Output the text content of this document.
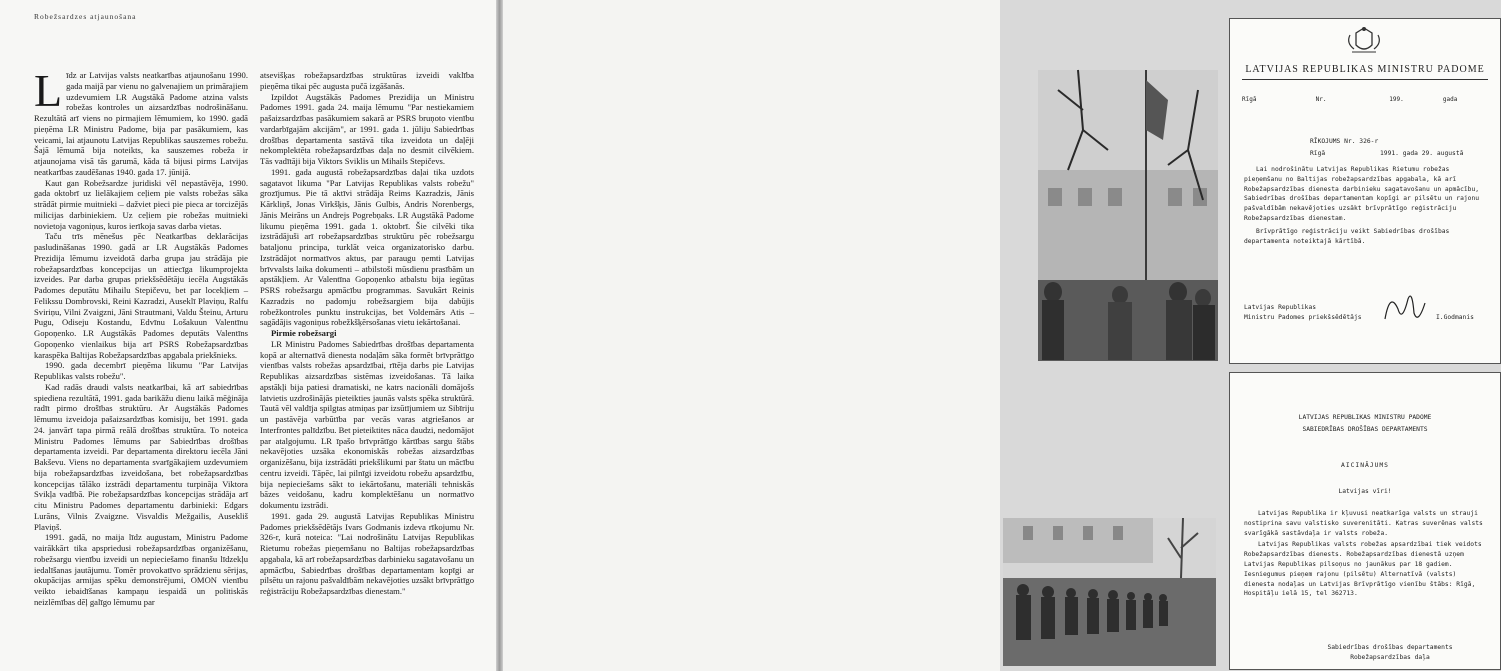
Robežsardzes atjaunošana
L īdz ar Latvijas valsts neatkarības atjaunošanu 1990. gada maijā par vienu no galvenajiem un primārajiem uzdevumiem LR Augstākā Padome atzina valsts robežas kontroles un aizsardzības nodrošināšanu. Rezultātā arī viens no pirmajiem lēmumiem, ko 1990. gadā pieņēma LR Ministru Padome, bija par pasākumiem, kas veicami, lai atjaunotu Latvijas Republikas sauszemes robežu. Šajā lēmumā bija noteikts, ka sauszemes robeža ir atjaunojama visā tās garumā, kāda tā bijusi pirms Latvijas neatkarības zaudēšanas 1940. gada 17. jūnijā.

Kaut gan Robežsardze juridiski vēl nepastāvēja, 1990. gada oktobrī uz lielākajiem ceļiem pie valsts robežas sāka strādāt pirmie muitnieki – dažviet pieci pie pieca ar torcizējās milicijas darbiniekiem. Uz ceļiem pie robežas muitnieki novietoja vagoniņus, kuros ierīkoja savas darba vietas.

Taču trīs mēnešus pēc Neatkarības deklarācijas pasludināšanas 1990. gadā ar LR Augstākās Padomes Prezidija lēmumu izveidotā darba grupa jau strādāja pie robežapsardzības koncepcijas un attiecīga likumprojekta izveides. Par darba grupas priekšsēdētāju iecēla Augstākās Padomes deputātu Mihailu Stepičevu, bet par locekļiem – Felikssu Dombrovski, Reini Kazradzi, Auseklī Plaviņu, Ralfu Sviriņu, Vilni Zvaigzni, Jāni Strautmani, Valdu Šteinu, Arturu Pugu, Odiseju Kostandu, Edvīnu Lošakuun Valentīnu Gopoņenko. LR Augstākās Padomes deputāts Valentīns Gopoņenko vienlaikus bija arī PSRS Robežapsardzības karaspēka Baltijas Robežapsardzības apgabala priekšnieks.

1990. gada decembrī pieņēma likumu "Par Latvijas Republikas valsts robežu".

Kad radās draudi valsts neatkarībai, kā arī sabiedrības spiediena rezultātā, 1991. gada barikāžu dienu laikā mēģināja radīt pirmo drošības struktūru. Ar Augstākās Padomes lēmumu izveidoja pašaizsardzības komisiju, bet 1991. gada 24. janvārī tapa pirmā reālā drošības struktūra. To noteica Ministru Padomes lēmums par Sabiedrības drošības departamenta izveidi. Par departamenta direktoru iecēla Jāni Bakševu. Viens no departamenta svarīgākajiem uzdevumiem bija robežapsardzības izveidošana, bet robežapsardzības koncepcijas tālāko izstrādi departamentu turpināja Viktora Svikļa vadībā. Pie robežapsardzības koncepcijas strādāja arī citu Ministru Padomes departamentu darbinieki: Edgars Lurāns, Vilnis Zvaigzne. Visvaldis Mežgailis, Ausekliš Plaviņš.

1991. gadā, no maija līdz augustam, Ministru Padome vairākkārt tika apspriedusi robežapsardzības organizēšanu, robežsargu vienību izveidi un nepieciešamo finanšu līdzekļu iedalīšanas jautājumu. Tomēr provokatīvo sprādzienu sērijas, okupācijas armijas spēku demonstrējumi, OMON vienību veikto iebaidīšanas kampaņu iespaidā un politiskās neizlēmības dēļ galīgo lēmumu par

atsevišķas robežapsardzības struktūras izveidi vaklība pieņēma tikai pēc augusta pučā izgāšanās.

Izpildot Augstākās Padomes Prezidija un Ministru Padomes 1991. gada 24. maija lēmumu "Par nestiekamiem pašaizsardzības pasākumiem sakarā ar PSRS bruņoto vienību vardarbīgajām akcijām", ar 1991. gada 1. jūliju Sabiedrības drošības departamenta sastāvā tika izveidota un daļēji nekomplektēta robežapsardzības daļa no desmit cilvēkiem. Tās vadītāji bija Viktors Sviklis un Mihails Stepičevs.

1991. gada augustā robežapsardzības daļai tika uzdots sagatavot likuma "Par Latvijas Republikas valsts robežu" grozījumus. Pie tā aktīvi strādāja Reims Kazradzis, Jānis Kārkliņš, Jonas Virkšķis, Jānis Gulbis, Andris Norenbergs, Jānis Meirāns un Andrejs Pogrebņaks. LR Augstākā Padome likumu pieņēma 1991. gada 1. oktobrī. Šie cilvēki tika izstrādājuši arī robežapsardzības struktūru pēc robežsargu bataljonu principa, turklāt veica organizatorisko darbu. Izstrādājot normatīvos aktus, par paraugu ņemti Latvijas brīvvalsts laika dokumenti – atbilstoši mūsdienu prasībām un apstākļiem. Ar Valentīna Gopoņenko atbalstu bija iegūtas PSRS robežsargu apmācību programmas. Savukārt Reinis Kazradzis no padomju robežsargiem bija dabūjis robežkontroles punktu instrukcijas, bet Voldemārs Atis – sagādājis vagoniņus robežkšķērsošanas vietu iekārtošanai.

Pirmie robežsargi

LR Ministru Padomes Sabiedrības drošības departamenta kopā ar alternatīvā dienesta nodaļām sāka formēt brīvprātīgo vienības valsts robežas apsardzībai, rītēja darbs pie Latvijas Republikas aizsardzības sistēmas izveidošanas. Tā laika apstākļi bija patiesi dramatiski, ne katrs nacionāli domājošs latvietis uzdrošinājās pieteikties jaunās valsts spēka struktūrā. Tautā vēl valdīja spilgtas atmiņas par izsūtījumiem uz Sibīriju un pastāvēja varbūtība par vecās varas atgriešanos ar Interfrontes palīdzību. Bet pieteiktites nāca daudzi, nedomājot par atalgojumu. LR īpašo brīvprātīgo kārtības sargu štābs nekavējoties uzsāka ekonomiskās robežas aizsardzības organizēšanu, bija izstrādāti priekšlikumi par štatu un mācību centru izveidi. Tāpēc, lai pilnīgi izveidotu robežu apsardzību, bija nepieciešams sākt to iekārtošanu, materiāli tehniskās bāzes veidošanu, kadru komplektēšanu un normatīvo dokumentu izstrādi.

1991. gada 29. augustā Latvijas Republikas Ministru Padomes priekšsēdētājs Ivars Godmanis izdeva rīkojumu Nr. 326-r, kurā noteica: "Lai nodrošinātu Latvijas Republikas Rietumu robežas pieņemšanu no Baltijas robežapsardzības apgabala, kā arī robežapsardzības darbinieku sagatavošanu un apmācību, Sabiedrības drošības departamentam kopīgi ar pilsētu un rajonu pašvaldībām nekavējoties uzsākt brīvprātīgo reģistrāciju Robežapsardzības dienestam."

LATVIJAS REPUBLIKAS MINISTRU PADOME
Rīgā	Nr.	199.	gada
RĪKOJUMS Nr. 326-r
Rīgā	1991. gada 29. augustā

Lai nodrošinātu Latvijas Republikas Rietumu robežas pieņemšanu no Baltijas robežapsardzības apgabala, kā arī Robežapsardzības dienesta darbinieku sagatavošanu un apmācību, Sabiedrības drošības departamentam kopīgi ar pilsētu un rajonu pašvaldībām nekavējoties uzsākt brīvprātīgo reģistrāciju Robežapsardzības dienestam.

Brīvprātīgo reģistrāciju veikt Sabiedrības drošības departamenta noteiktajā kārtībā.

Latvijas Republikas

Ministru Padomes priekšsēdētājs	I.Godmanis
LATVIJAS REPUBLIKAS MINISTRU PADOME
SABIEDRĪBAS DROŠĪBAS DEPARTAMENTS
AICINĀJUMS
Latvijas vīri!

Latvijas Republika ir kļuvusi neatkarīga valsts un strauji nostiprina savu valstisko suverenitāti. Katras suverēnas valsts svarīgākā sastāvdaļa ir valsts robeža.

Latvijas Republikas valsts robežas apsardzībai tiek veidots Robežapsardzības dienests. Robežapsardzības dienestā uzņem Latvijas Republikas pilsoņus no jaunākus par 18 gadiem. Iesniegumus pieņem rajonu (pilsētu) Alternatīvā (valsts) dienesta nodaļas un Latvijas Brīvprātīgo vienību štābs: Rīgā, Hospitāļu ielā 15, tel 362713.

Sabiedrības drošības departaments
Robežapsardzības daļa
